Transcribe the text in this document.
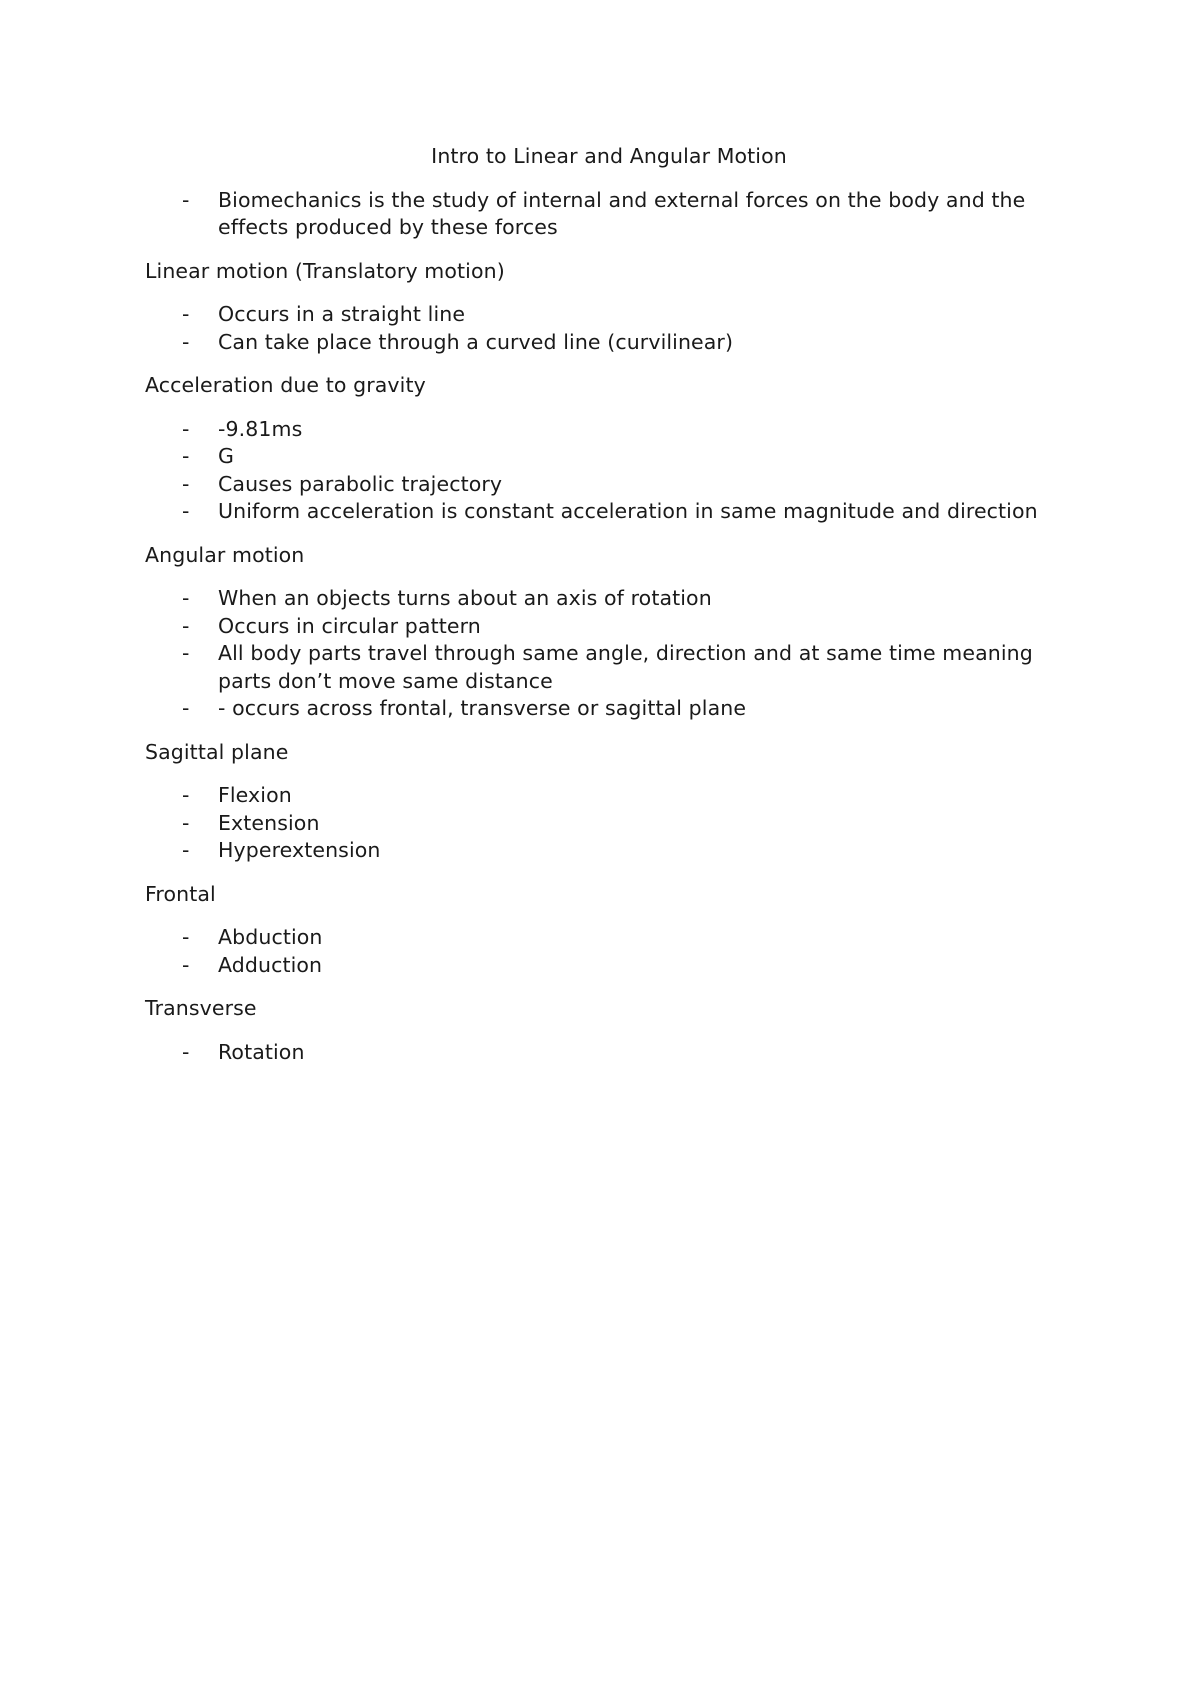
Intro to Linear and Angular Motion
- Biomechanics is the study of internal and external forces on the body and the effects produced by these forces
Linear motion (Translatory motion)
- Occurs in a straight line
- Can take place through a curved line (curvilinear)
Acceleration due to gravity
- -9.81ms
- G
- Causes parabolic trajectory
- Uniform acceleration is constant acceleration in same magnitude and direction
Angular motion
- When an objects turns about an axis of rotation
- Occurs in circular pattern
- All body parts travel through same angle, direction and at same time meaning parts don’t move same distance
- - occurs across frontal, transverse or sagittal plane
Sagittal plane
- Flexion
- Extension
- Hyperextension
Frontal
- Abduction
- Adduction
Transverse
- Rotation
